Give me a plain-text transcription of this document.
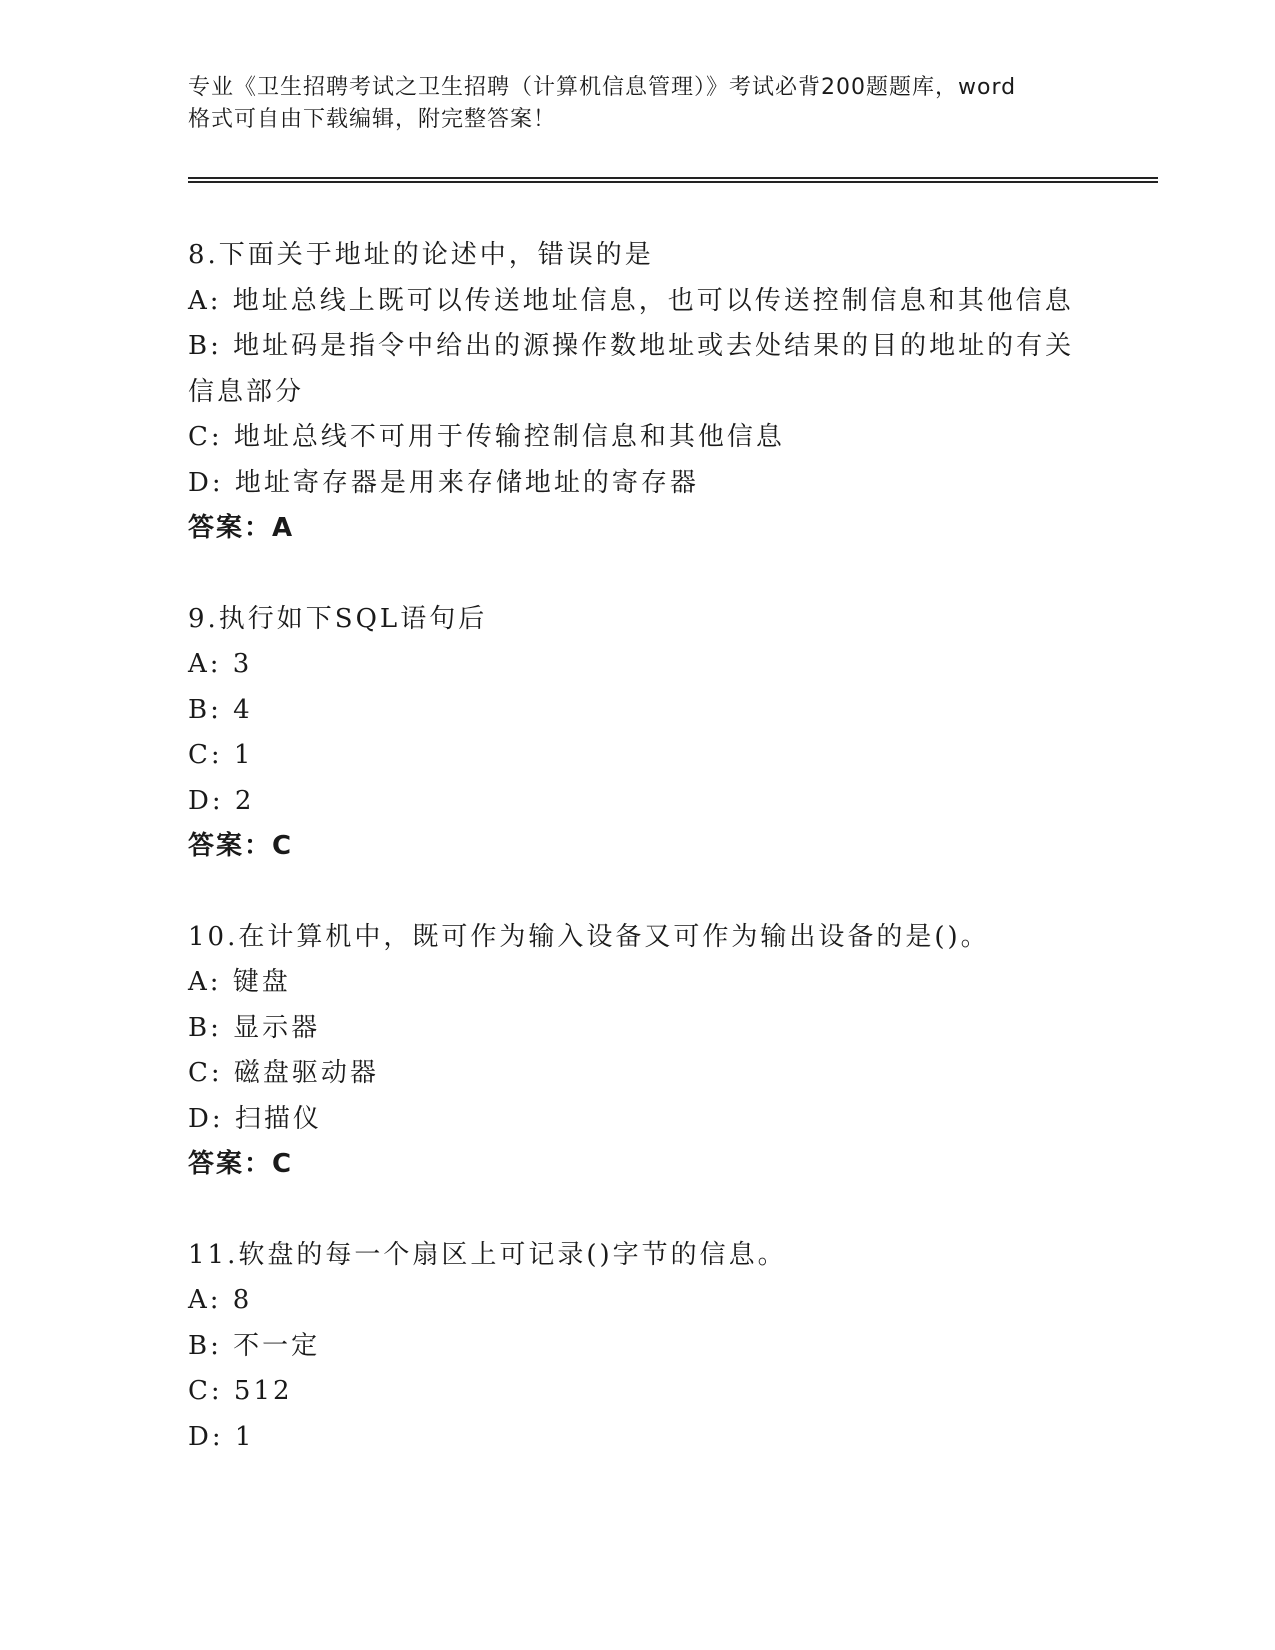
专业《卫生招聘考试之卫生招聘（计算机信息管理）》考试必背200题题库，word
格式可自由下载编辑，附完整答案！
8.下面关于地址的论述中，错误的是
A: 地址总线上既可以传送地址信息，也可以传送控制信息和其他信息
B: 地址码是指令中给出的源操作数地址或去处结果的目的地址的有关
信息部分
C: 地址总线不可用于传输控制信息和其他信息
D: 地址寄存器是用来存储地址的寄存器
答案：A
9.执行如下SQL语句后
A: 3
B: 4
C: 1
D: 2
答案：C
10.在计算机中，既可作为输入设备又可作为输出设备的是()。
A: 键盘
B: 显示器
C: 磁盘驱动器
D: 扫描仪
答案：C
11.软盘的每一个扇区上可记录()字节的信息。
A: 8
B: 不一定
C: 512
D: 1
